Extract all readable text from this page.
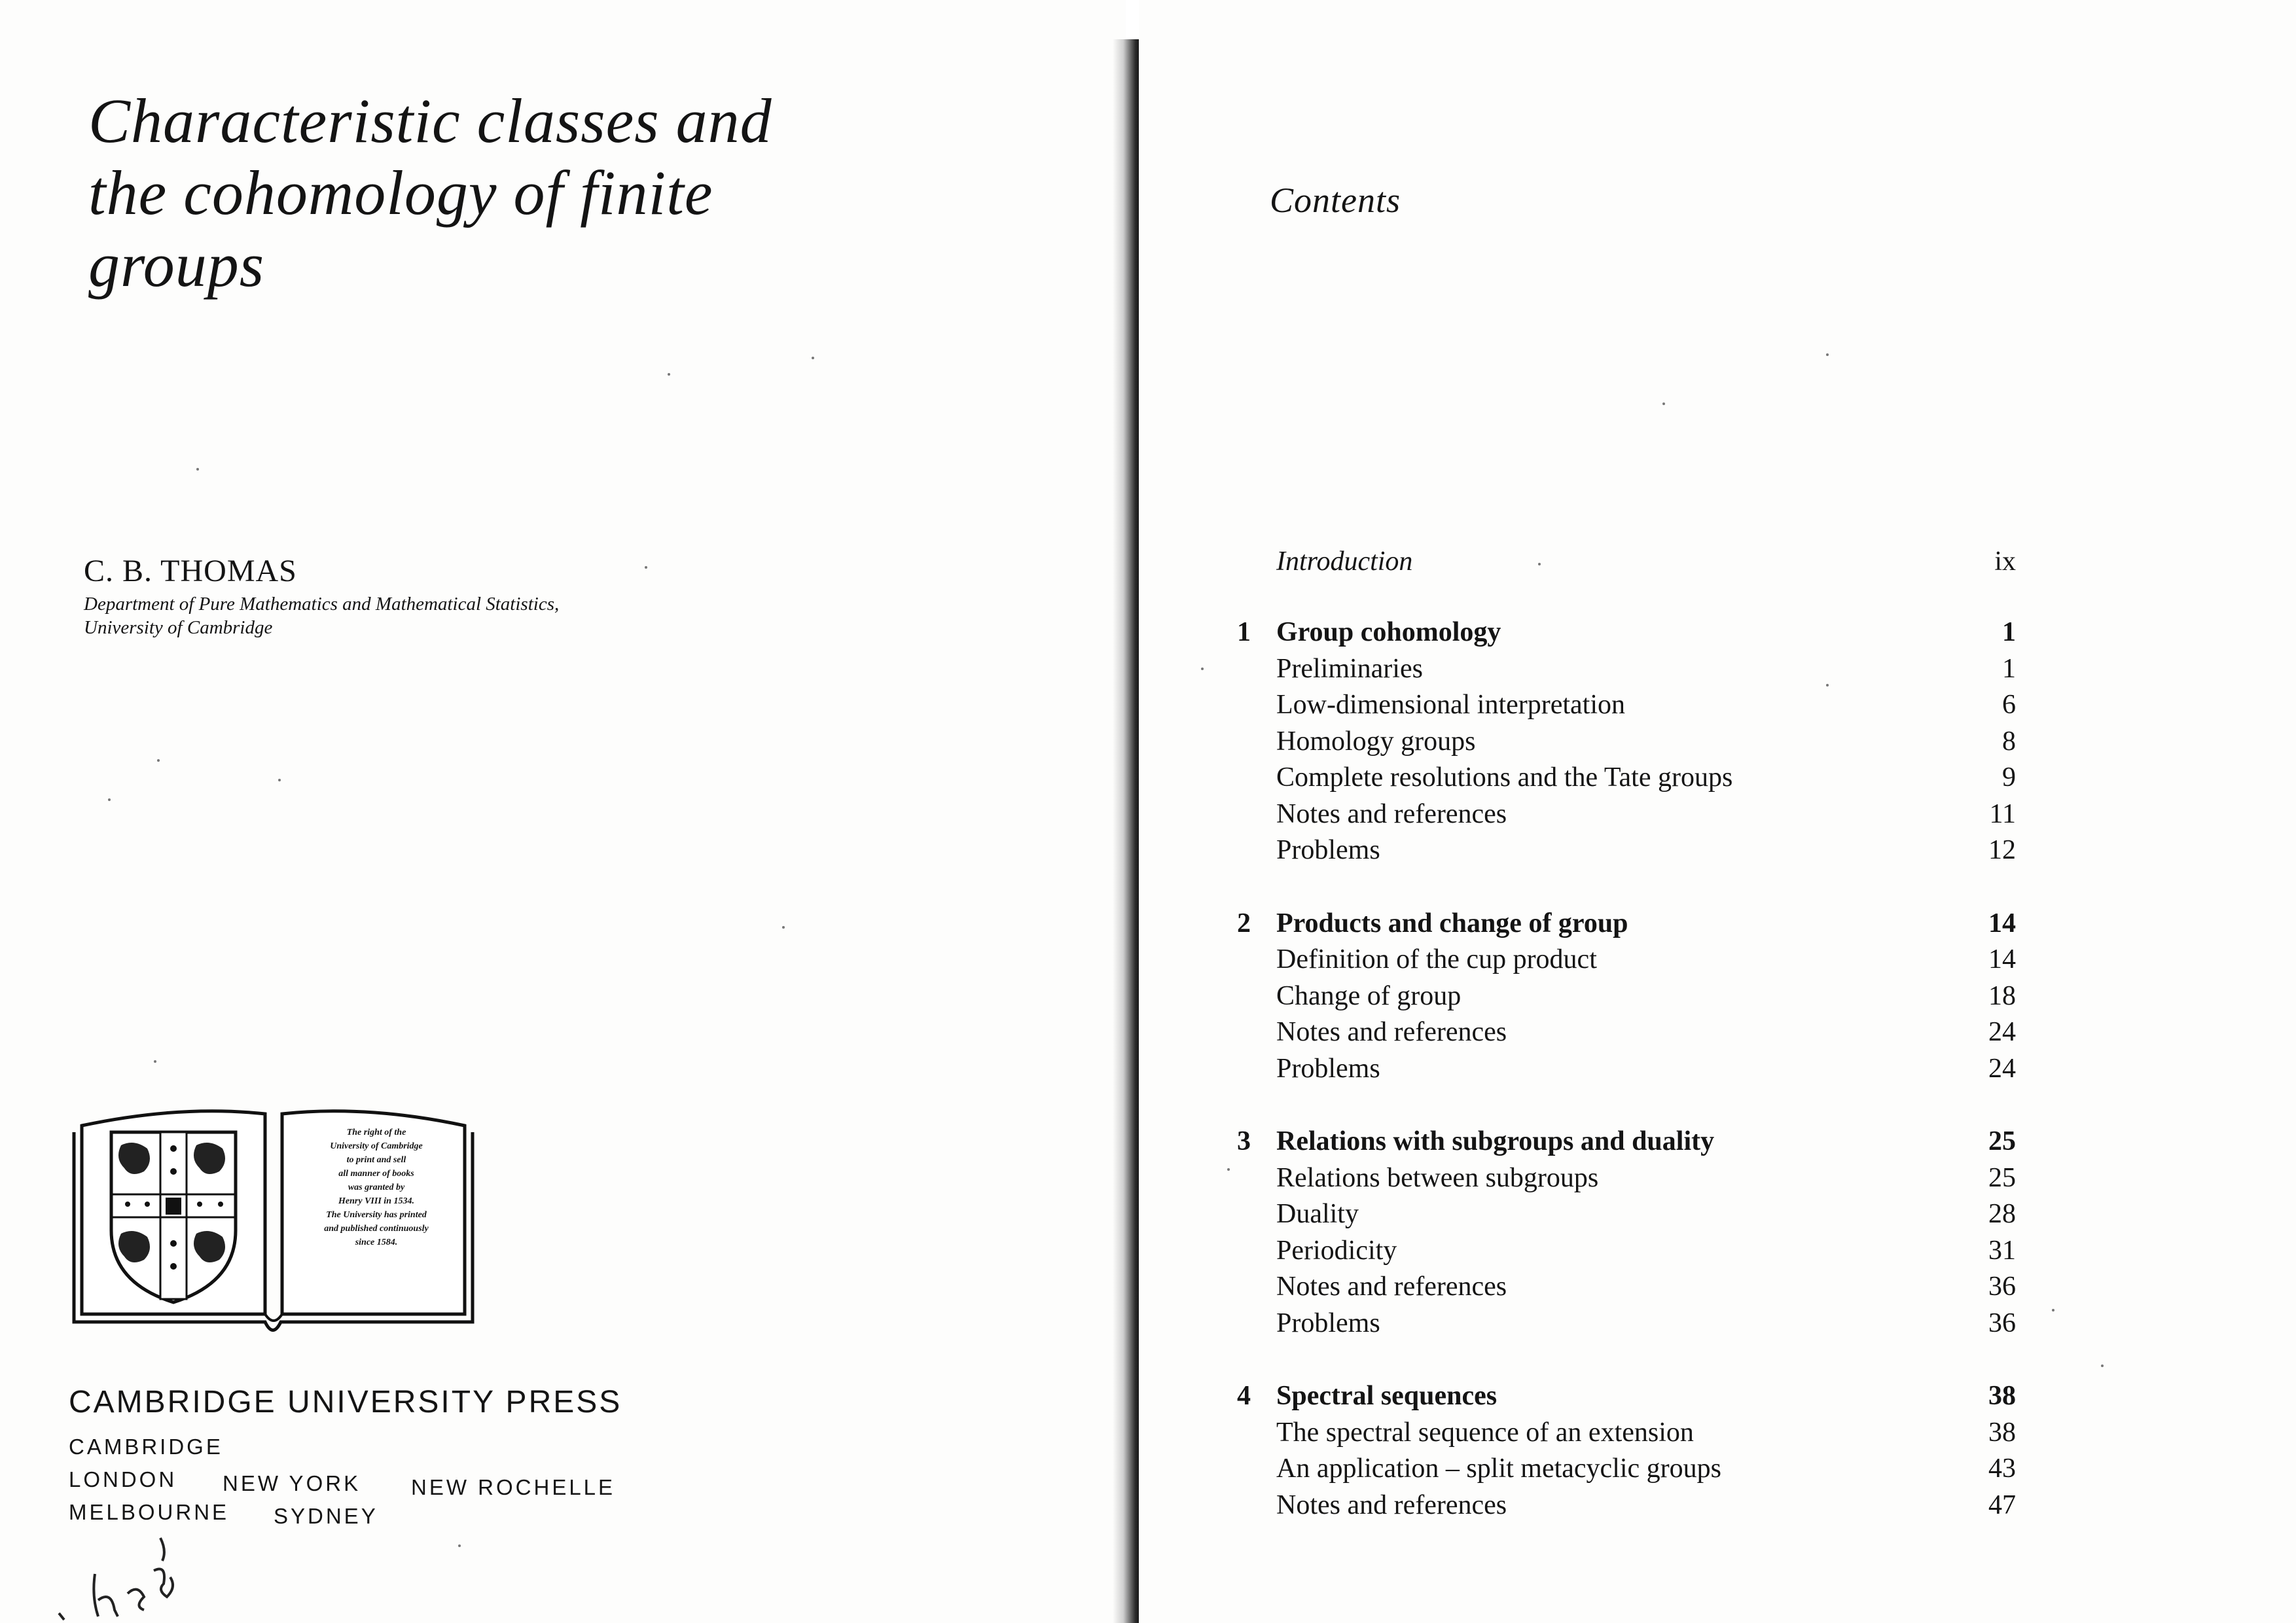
Characteristic classes and
the cohomology of finite
groups
C. B. THOMAS
Department of Pure Mathematics and Mathematical Statistics,
University of Cambridge
The right of the
University of Cambridge
to print and sell
all manner of books
was granted by
Henry VIII in 1534.
The University has printed
and published continuously
since 1584.
CAMBRIDGE UNIVERSITY PRESS
CAMBRIDGE
LONDON NEW YORK NEW ROCHELLE
MELBOURNE SYDNEY
Contents
Introduction	ix
1 Group cohomology	1
Preliminaries	1
Low-dimensional interpretation	6
Homology groups	8
Complete resolutions and the Tate groups	9
Notes and references	11
Problems	12
2 Products and change of group	14
Definition of the cup product	14
Change of group	18
Notes and references	24
Problems	24
3 Relations with subgroups and duality	25
Relations between subgroups	25
Duality	28
Periodicity	31
Notes and references	36
Problems	36
4 Spectral sequences	38
The spectral sequence of an extension	38
An application – split metacyclic groups	43
Notes and references	47
